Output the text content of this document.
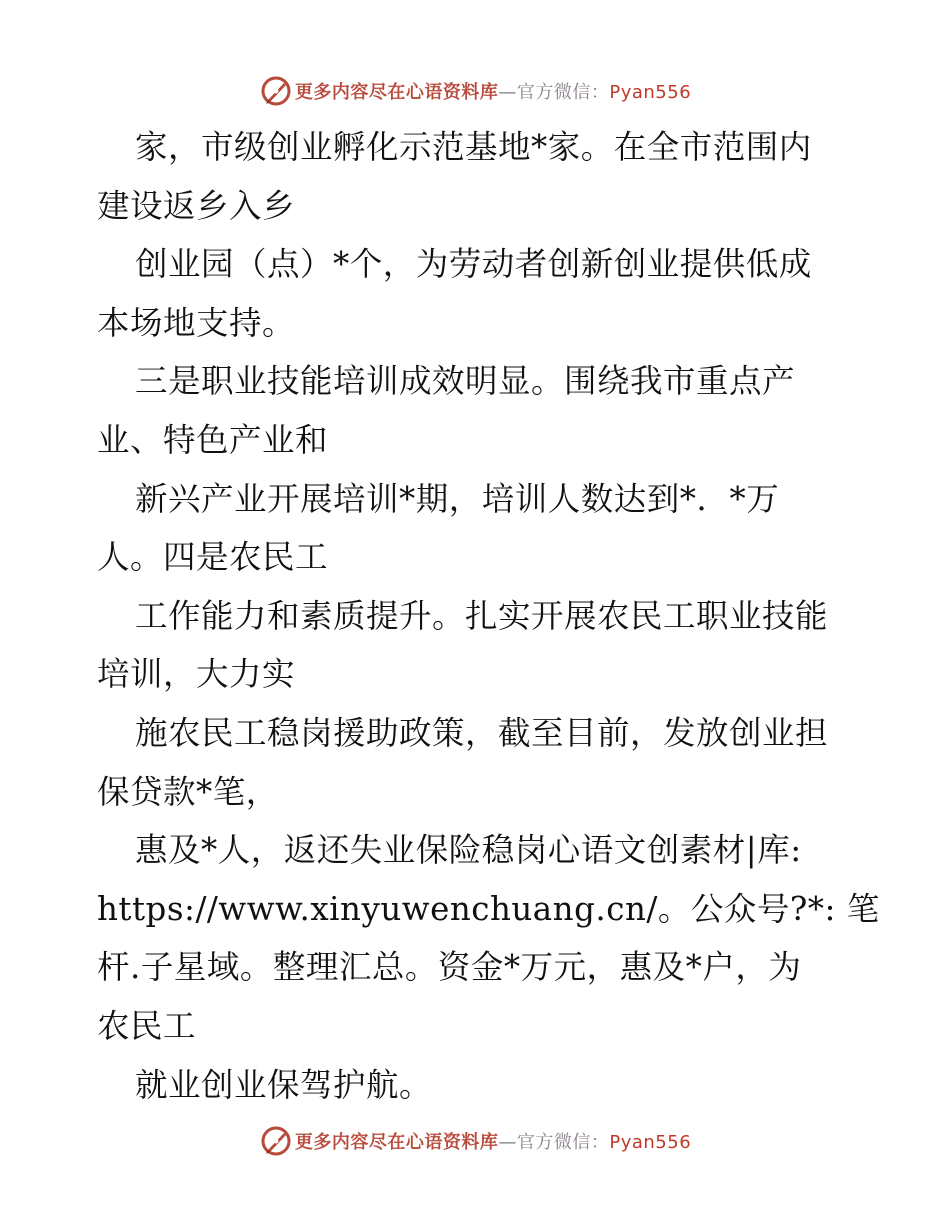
更多内容尽在心语资料库—官方微信：Pyan556
家，市级创业孵化示范基地*家。在全市范围内
建设返乡入乡
创业园（点）*个，为劳动者创新创业提供低成
本场地支持。
三是职业技能培训成效明显。围绕我市重点产
业、特色产业和
新兴产业开展培训*期，培训人数达到*．*万
人。四是农民工
工作能力和素质提升。扎实开展农民工职业技能
培训，大力实
施农民工稳岗援助政策，截至目前，发放创业担
保贷款*笔，
惠及*人，返还失业保险稳岗心语文创素材|库:
https://www.xinyuwenchuang.cn/。公众号?*: 笔
杆.子星域。整理汇总。资金*万元，惠及*户，为
农民工
就业创业保驾护航。
更多内容尽在心语资料库—官方微信：Pyan556
